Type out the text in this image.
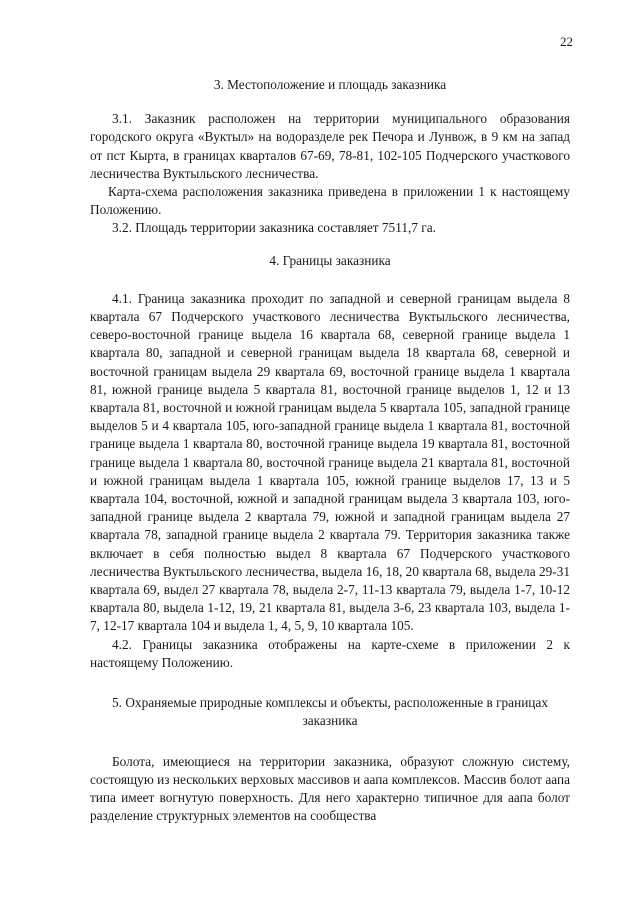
22
3. Местоположение и площадь заказника

3.1. Заказник расположен на территории муниципального образования городского округа «Вуктыл» на водоразделе рек Печора и Лунвож, в 9 км на запад от пст Кырта, в границах кварталов 67-69, 78-81, 102-105 Подчерского участкового лесничества Вуктыльского лесничества.

Карта-схема расположения заказника приведена в приложении 1 к настоящему Положению.

3.2. Площадь территории заказника составляет 7511,7 га.

4. Границы заказника

4.1. Граница заказника проходит по западной и северной границам выдела 8 квартала 67 Подчерского участкового лесничества Вуктыльского лесничества, северо-восточной границе выдела 16 квартала 68, северной границе выдела 1 квартала 80, западной и северной границам выдела 18 квартала 68, северной и восточной границам выдела 29 квартала 69, восточной границе выдела 1 квартала 81, южной границе выдела 5 квартала 81, восточной границе выделов 1, 12 и 13 квартала 81, восточной и южной границам выдела 5 квартала 105, западной границе выделов 5 и 4 квартала 105, юго-западной границе выдела 1 квартала 81, восточной границе выдела 1 квартала 80, восточной границе выдела 19 квартала 81, восточной границе выдела 1 квартала 80, восточной границе выдела 21 квартала 81, восточной и южной границам выдела 1 квартала 105, южной границе выделов 17, 13 и 5 квартала 104, восточной, южной и западной границам выдела 3 квартала 103, юго-западной границе выдела 2 квартала 79, южной и западной границам выдела 27 квартала 78, западной границе выдела 2 квартала 79. Территория заказника также включает в себя полностью выдел 8 квартала 67 Подчерского участкового лесничества Вуктыльского лесничества, выдела 16, 18, 20 квартала 68, выдела 29-31 квартала 69, выдел 27 квартала 78, выдела 2-7, 11-13 квартала 79, выдела 1-7, 10-12 квартала 80, выдела 1-12, 19, 21 квартала 81, выдела 3-6, 23 квартала 103, выдела 1-7, 12-17 квартала 104 и выдела 1, 4, 5, 9, 10 квартала 105.

4.2. Границы заказника отображены на карте-схеме в приложении 2 к настоящему Положению.

5. Охраняемые природные комплексы и объекты, расположенные в границах заказника

Болота, имеющиеся на территории заказника, образуют сложную систему, состоящую из нескольких верховых массивов и аапа комплексов. Массив болот аапа типа имеет вогнутую поверхность. Для него характерно типичное для аапа болот разделение структурных элементов на сообщества
